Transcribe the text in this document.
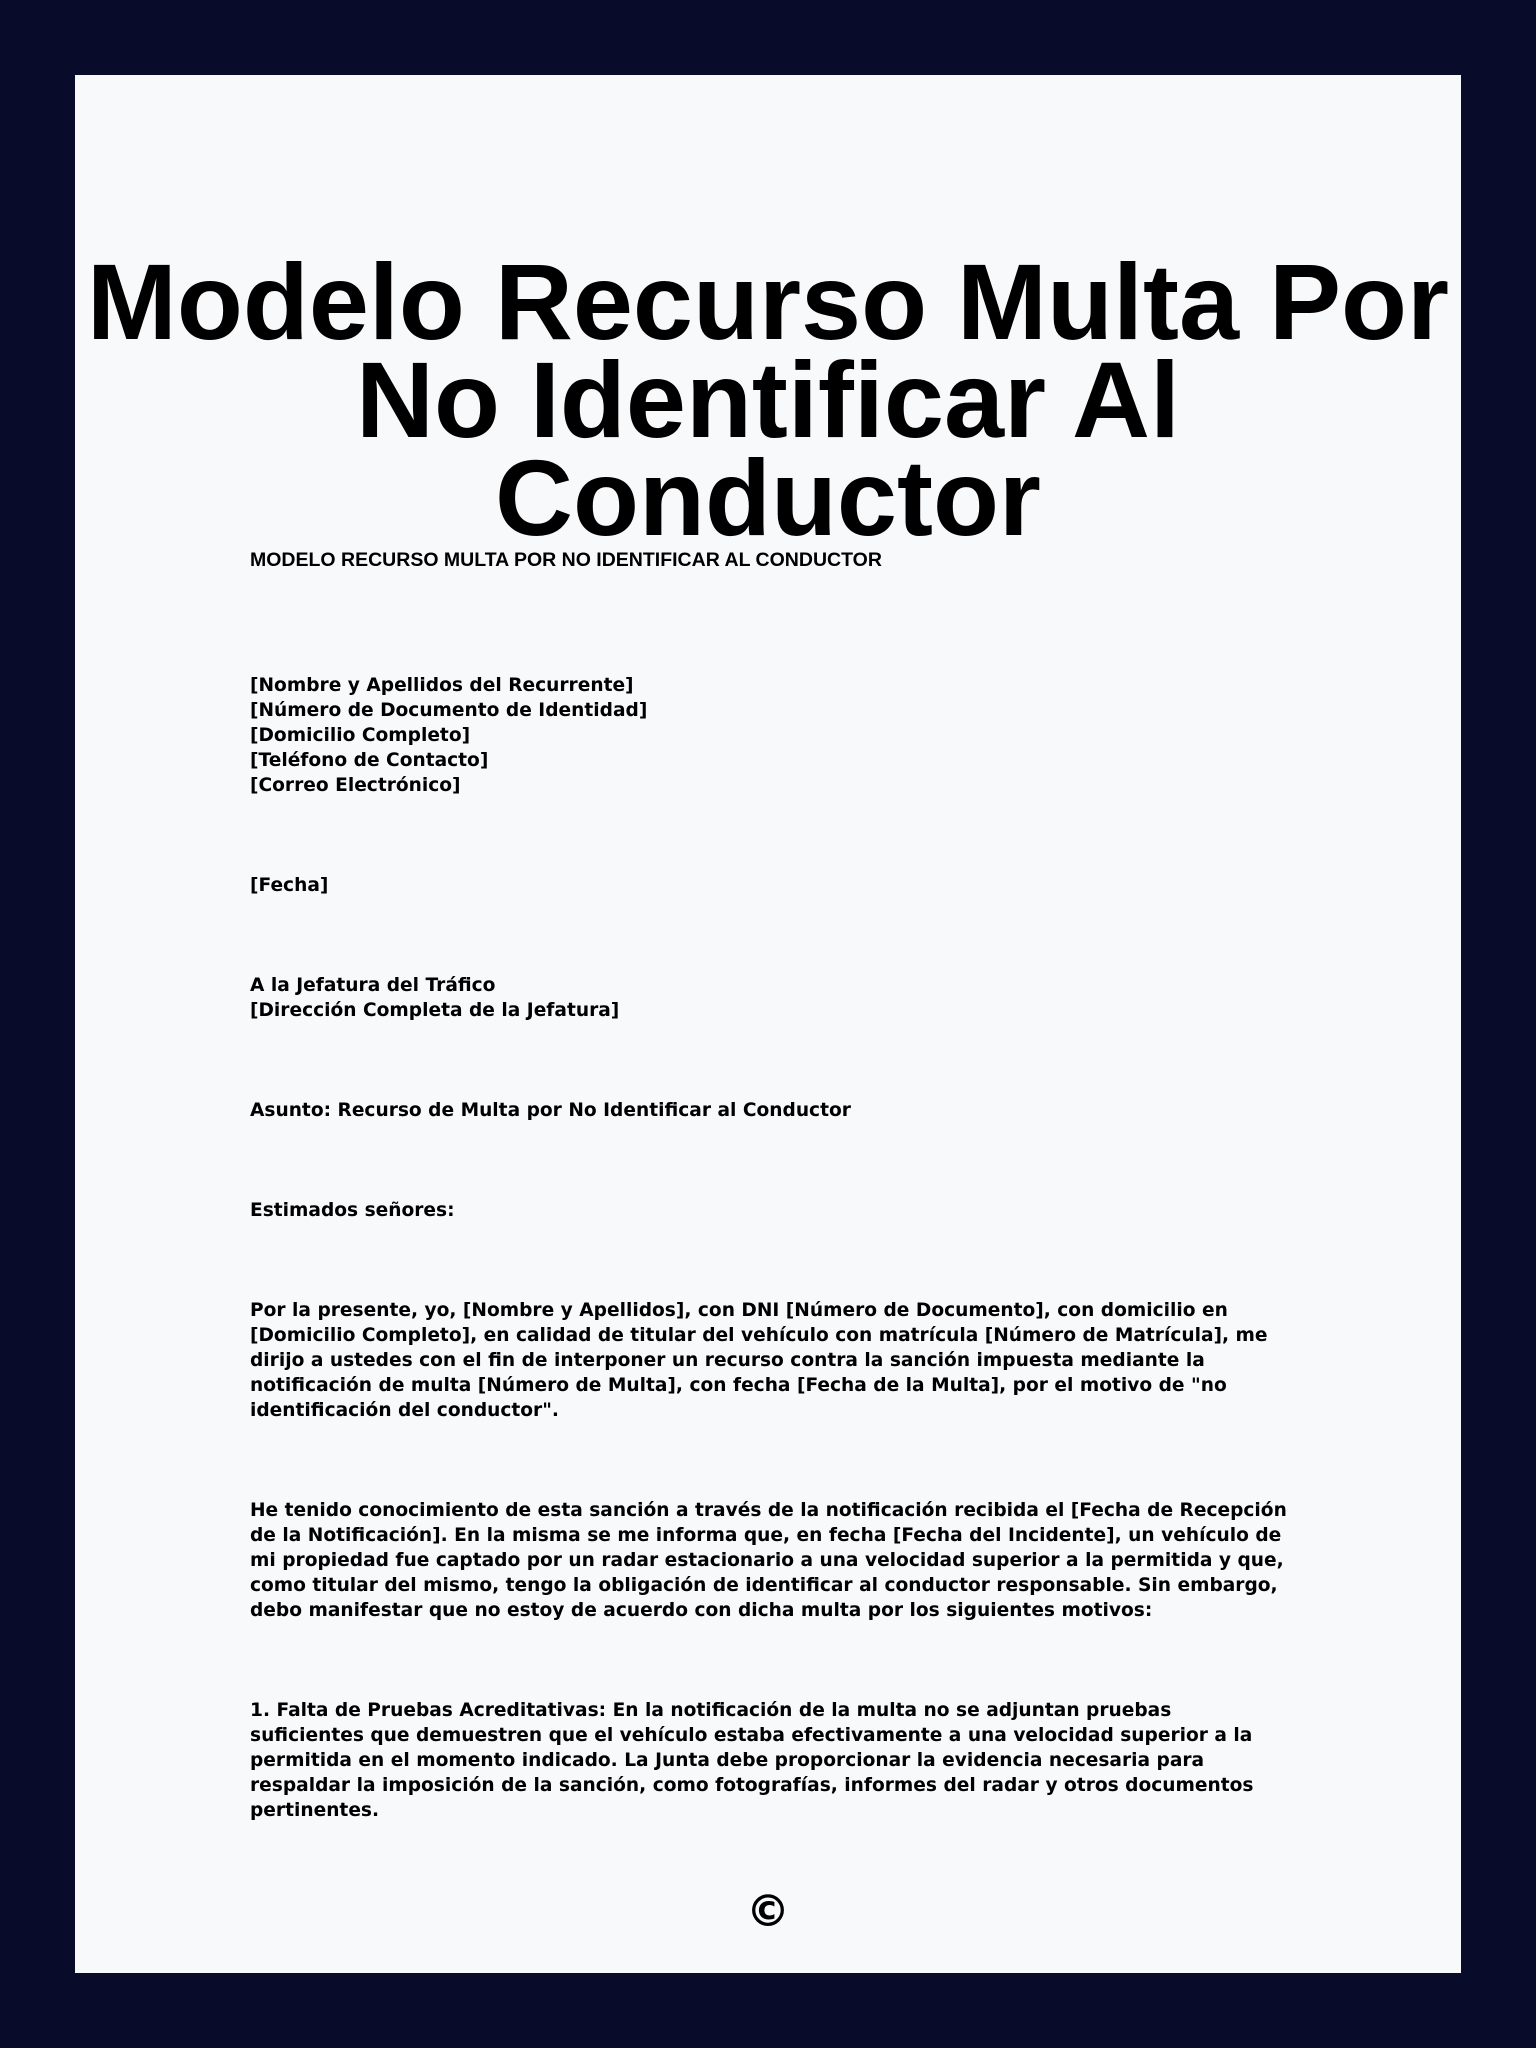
Modelo Recurso Multa Por
No Identificar Al Conductor

MODELO RECURSO MULTA POR NO IDENTIFICAR AL CONDUCTOR

[Nombre y Apellidos del Recurrente]
[Número de Documento de Identidad]
[Domicilio Completo]
[Teléfono de Contacto]
[Correo Electrónico]

[Fecha]

A la Jefatura del Tráfico
[Dirección Completa de la Jefatura]

Asunto: Recurso de Multa por No Identificar al Conductor

Estimados señores:

Por la presente, yo, [Nombre y Apellidos], con DNI [Número de Documento], con domicilio en [Domicilio Completo], en calidad de titular del vehículo con matrícula [Número de Matrícula], me dirijo a ustedes con el fin de interponer un recurso contra la sanción impuesta mediante la notificación de multa [Número de Multa], con fecha [Fecha de la Multa], por el motivo de "no identificación del conductor".

He tenido conocimiento de esta sanción a través de la notificación recibida el [Fecha de Recepción de la Notificación]. En la misma se me informa que, en fecha [Fecha del Incidente], un vehículo de mi propiedad fue captado por un radar estacionario a una velocidad superior a la permitida y que, como titular del mismo, tengo la obligación de identificar al conductor responsable. Sin embargo, debo manifestar que no estoy de acuerdo con dicha multa por los siguientes motivos:

1. Falta de Pruebas Acreditativas: En la notificación de la multa no se adjuntan pruebas suficientes que demuestren que el vehículo estaba efectivamente a una velocidad superior a la permitida en el momento indicado. La Junta debe proporcionar la evidencia necesaria para respaldar la imposición de la sanción, como fotografías, informes del radar y otros documentos pertinentes.

©
